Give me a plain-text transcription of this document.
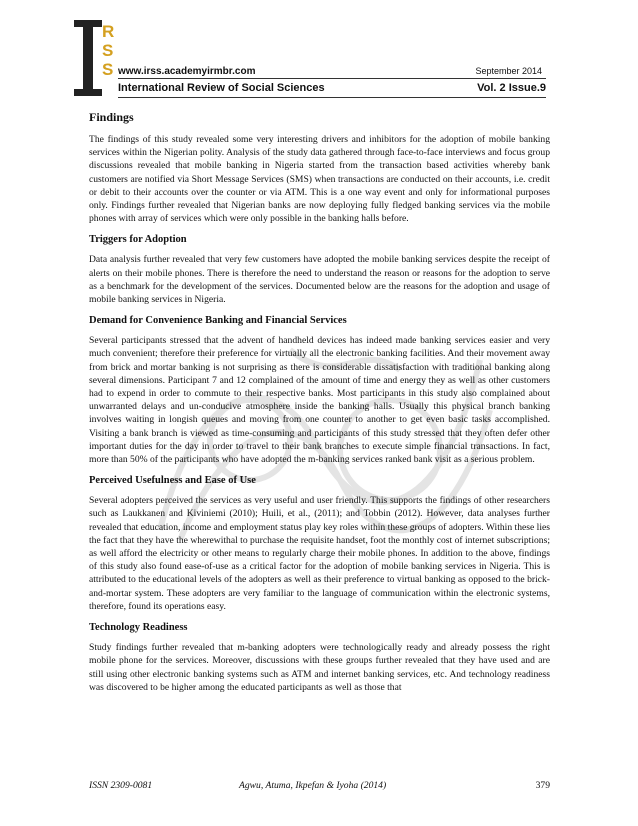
R
S
S www.irss.academyirmbr.com	September 2014
International Review of Social Sciences	Vol. 2 Issue.9
Findings

The findings of this study revealed some very interesting drivers and inhibitors for the adoption of mobile banking services within the Nigerian polity. Analysis of the study data gathered through face-to-face interviews and focus group discussions revealed that mobile banking in Nigeria started from the transaction based activities whereby bank customers are notified via Short Message Services (SMS) when transactions are conducted on their accounts, i.e. credit or debit to their accounts over the counter or via ATM. This is a one way event and only for informational purposes only. Findings further revealed that Nigerian banks are now deploying fully fledged banking services via the mobile phones with array of services which were only possible in the banking halls before.

Triggers for Adoption

Data analysis further revealed that very few customers have adopted the mobile banking services despite the receipt of alerts on their mobile phones. There is therefore the need to understand the reason or reasons for the adoption to serve as a benchmark for the development of the services. Documented below are the reasons for the adoption and usage of mobile banking services in Nigeria.

Demand for Convenience Banking and Financial Services

Several participants stressed that the advent of handheld devices has indeed made banking services easier and very much convenient; therefore their preference for virtually all the electronic banking facilities. And their movement away from brick and mortar banking is not surprising as there is considerable dissatisfaction with traditional banking along several dimensions. Participant 7 and 12 complained of the amount of time and energy they as well as other customers had to expend in order to commute to their respective banks. Most participants in this study also complained about unwarranted delays and un-conducive atmosphere inside the banking halls. Usually this physical branch banking involves waiting in longish queues and moving from one counter to another to get even basic tasks accomplished. Visiting a bank branch is viewed as time-consuming and participants of this study stressed that they often defer other important duties for the day in order to travel to their bank branches to execute simple financial transactions. In fact, more than 50% of the participants who have adopted the m-banking services ranked bank visit as a serious problem.

Perceived Usefulness and Ease of Use

Several adopters perceived the services as very useful and user friendly. This supports the findings of other researchers such as Laukkanen and Kiviniemi (2010); Huili, et al., (2011); and Tobbin (2012). However, data analyses further revealed that education, income and employment status play key roles within these groups of adopters. Within these lies the fact that they have the wherewithal to purchase the requisite handset, foot the monthly cost of internet subscriptions; as well afford the electricity or other means to regularly charge their mobile phones. In addition to the above, findings of this study also found ease-of-use as a critical factor for the adoption of mobile banking services in Nigeria. This is attributed to the educational levels of the adopters as well as their preference to virtual banking as opposed to the brick-and-mortar system. These adopters are very familiar to the language of communication within the electronic systems, therefore, found its operations easy.

Technology Readiness

Study findings further revealed that m-banking adopters were technologically ready and already possess the right mobile phone for the services. Moreover, discussions with these groups further revealed that they have used and are still using other electronic banking systems such as ATM and internet banking services, etc. And technology readiness was discovered to be higher among the educated participants as well as those that

ISSN 2309-0081	Agwu, Atuma, Ikpefan & Iyoha (2014)	379
